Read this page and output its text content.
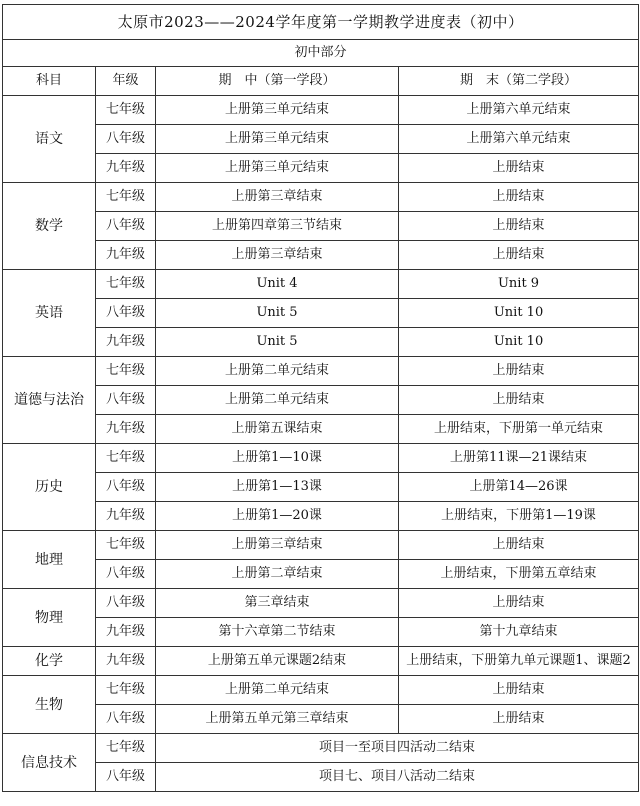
太原市2023——2024学年度第一学期教学进度表（初中）			
初中部分			
科目	年级	期　中（第一学段）	期　末（第二学段）
语文	七年级	上册第三单元结束	上册第六单元结束
	八年级	上册第三单元结束	上册第六单元结束
	九年级	上册第三单元结束	上册结束
数学	七年级	上册第三章结束	上册结束
	八年级	上册第四章第三节结束	上册结束
	九年级	上册第三章结束	上册结束
英语	七年级	Unit 4	Unit 9
	八年级	Unit 5	Unit 10
	九年级	Unit 5	Unit 10
道德与法治	七年级	上册第二单元结束	上册结束
	八年级	上册第二单元结束	上册结束
	九年级	上册第五课结束	上册结束，下册第一单元结束
历史	七年级	上册第1—10课	上册第11课—21课结束
	八年级	上册第1—13课	上册第14—26课
	九年级	上册第1—20课	上册结束，下册第1—19课
地理	七年级	上册第三章结束	上册结束
	八年级	上册第二章结束	上册结束，下册第五章结束
物理	八年级	第三章结束	上册结束
	九年级	第十六章第二节结束	第十九章结束
化学	九年级	上册第五单元课题2结束	上册结束，下册第九单元课题1、课题2
生物	七年级	上册第二单元结束	上册结束
	八年级	上册第五单元第三章结束	上册结束
信息技术	七年级	项目一至项目四活动二结束	
	八年级	项目七、项目八活动二结束	
